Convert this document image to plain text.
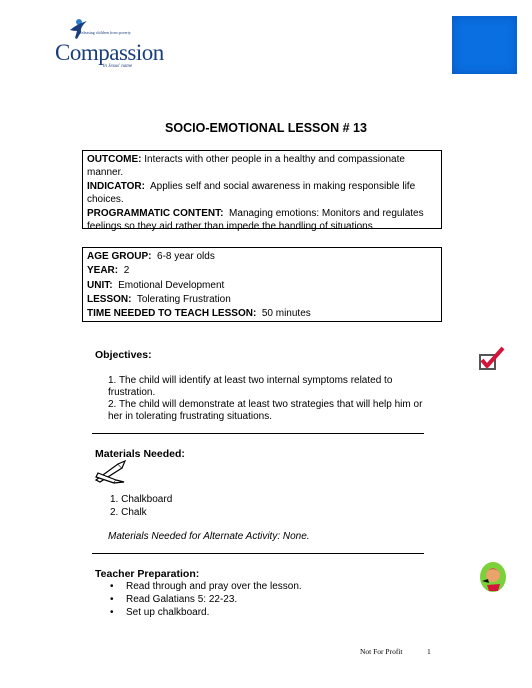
Releasing children from poverty
Compassion
in Jesus' name
SOCIO-EMOTIONAL LESSON # 13

OUTCOME: Interacts with other people in a healthy and compassionate manner.

INDICATOR: Applies self and social awareness in making responsible life choices.

PROGRAMMATIC CONTENT: Managing emotions: Monitors and regulates feelings so they aid rather than impede the handling of situations.

AGE GROUP: 6-8 year olds

YEAR: 2

UNIT: Emotional Development

LESSON: Tolerating Frustration

TIME NEEDED TO TEACH LESSON: 50 minutes

Objectives:

1. The child will identify at least two internal symptoms related to frustration.

2. The child will demonstrate at least two strategies that will help him or her in tolerating frustrating situations.

Materials Needed:
1. Chalkboard
2. Chalk
Materials Needed for Alternate Activity: None.
Teacher Preparation:
• Read through and pray over the lesson.
• Read Galatians 5: 22-23.
• Set up chalkboard.
Not For Profit	1
